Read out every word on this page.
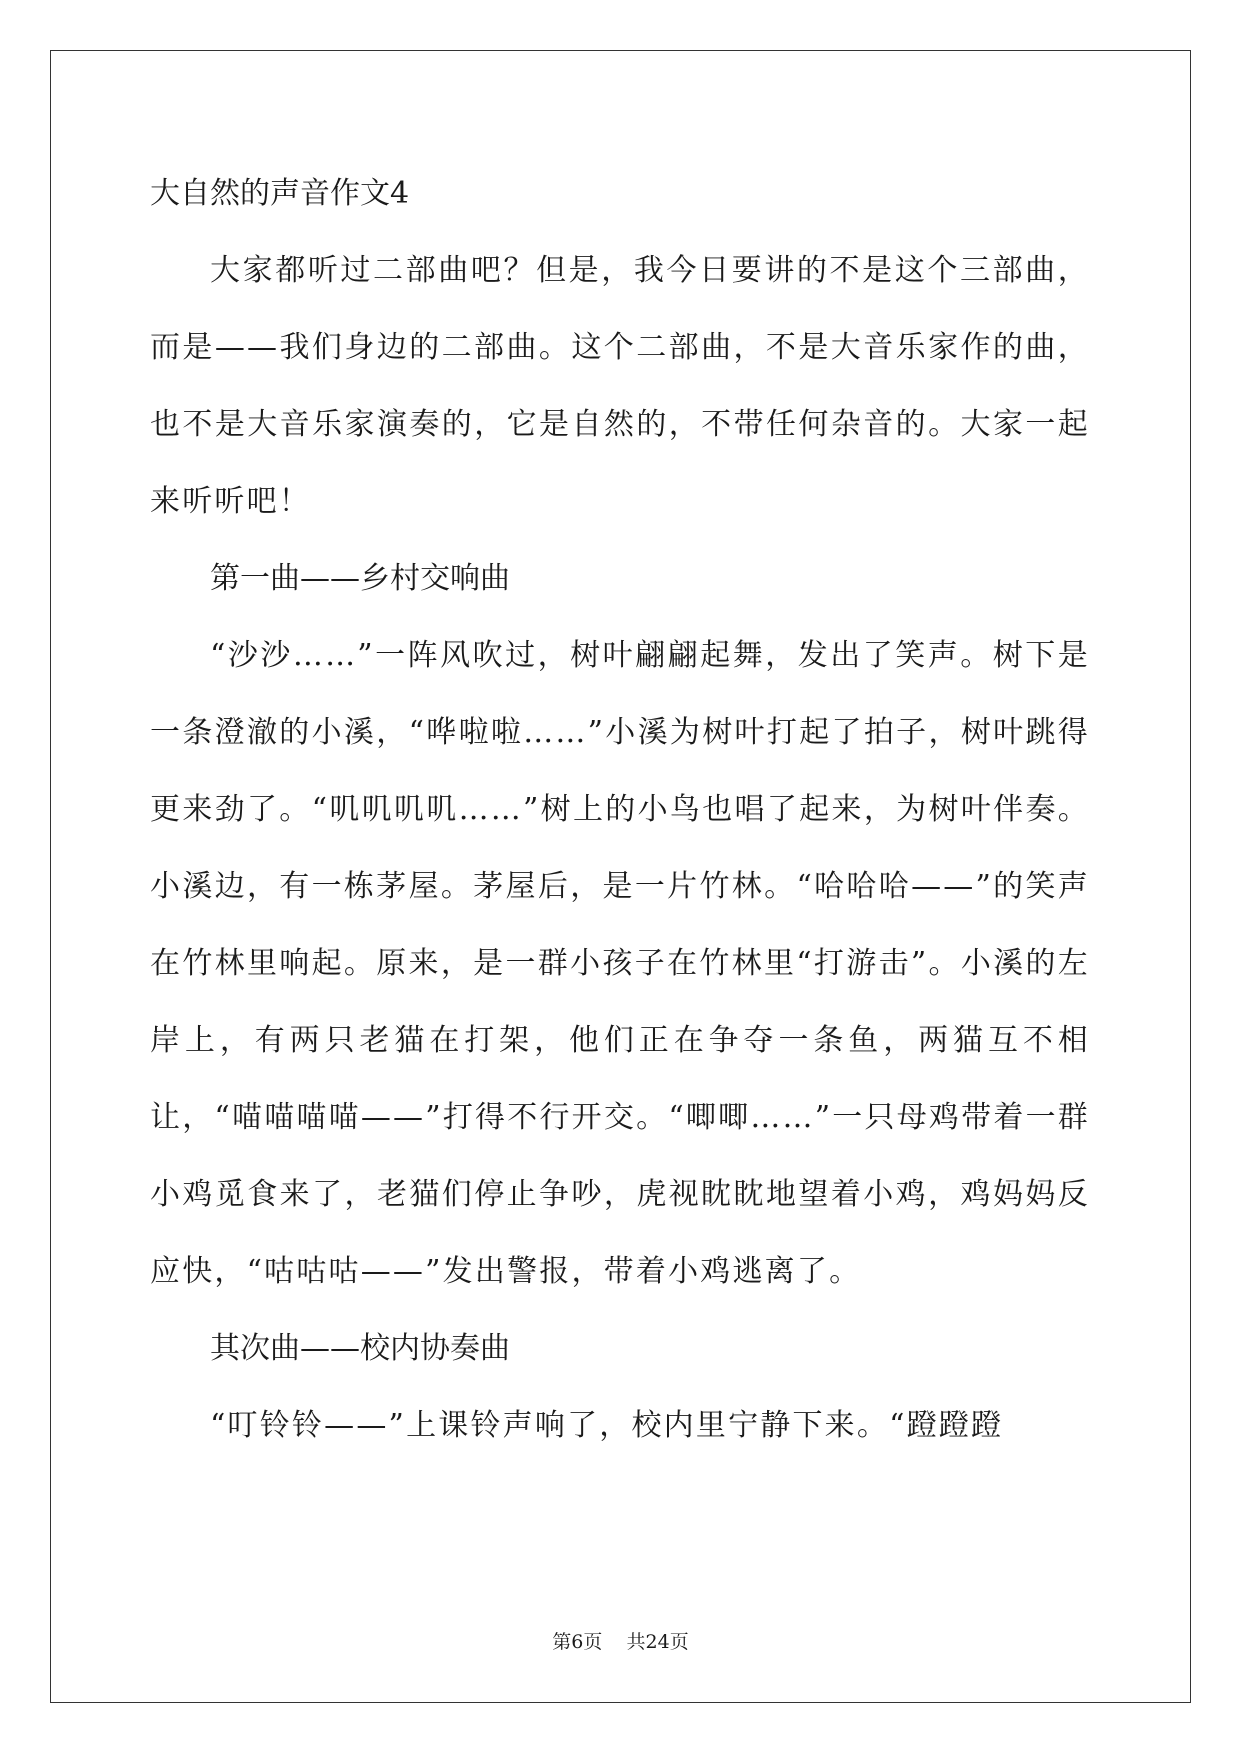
大自然的声音作文4

大家都听过二部曲吧？但是，我今日要讲的不是这个三部曲，而是——我们身边的二部曲。这个二部曲，不是大音乐家作的曲，也不是大音乐家演奏的，它是自然的，不带任何杂音的。大家一起来听听吧！

第一曲——乡村交响曲

“沙沙……”一阵风吹过，树叶翩翩起舞，发出了笑声。树下是一条澄澈的小溪，“哗啦啦……”小溪为树叶打起了拍子，树叶跳得更来劲了。“叽叽叽叽……”树上的小鸟也唱了起来，为树叶伴奏。小溪边，有一栋茅屋。茅屋后，是一片竹林。“哈哈哈——”的笑声在竹林里响起。原来，是一群小孩子在竹林里“打游击”。小溪的左岸上，有两只老猫在打架，他们正在争夺一条鱼，两猫互不相让，“喵喵喵喵——”打得不行开交。“唧唧……”一只母鸡带着一群小鸡觅食来了，老猫们停止争吵，虎视眈眈地望着小鸡，鸡妈妈反应快，“咕咕咕——”发出警报，带着小鸡逃离了。

其次曲——校内协奏曲

“叮铃铃——”上课铃声响了，校内里宁静下来。“蹬蹬蹬

第6页 共24页
